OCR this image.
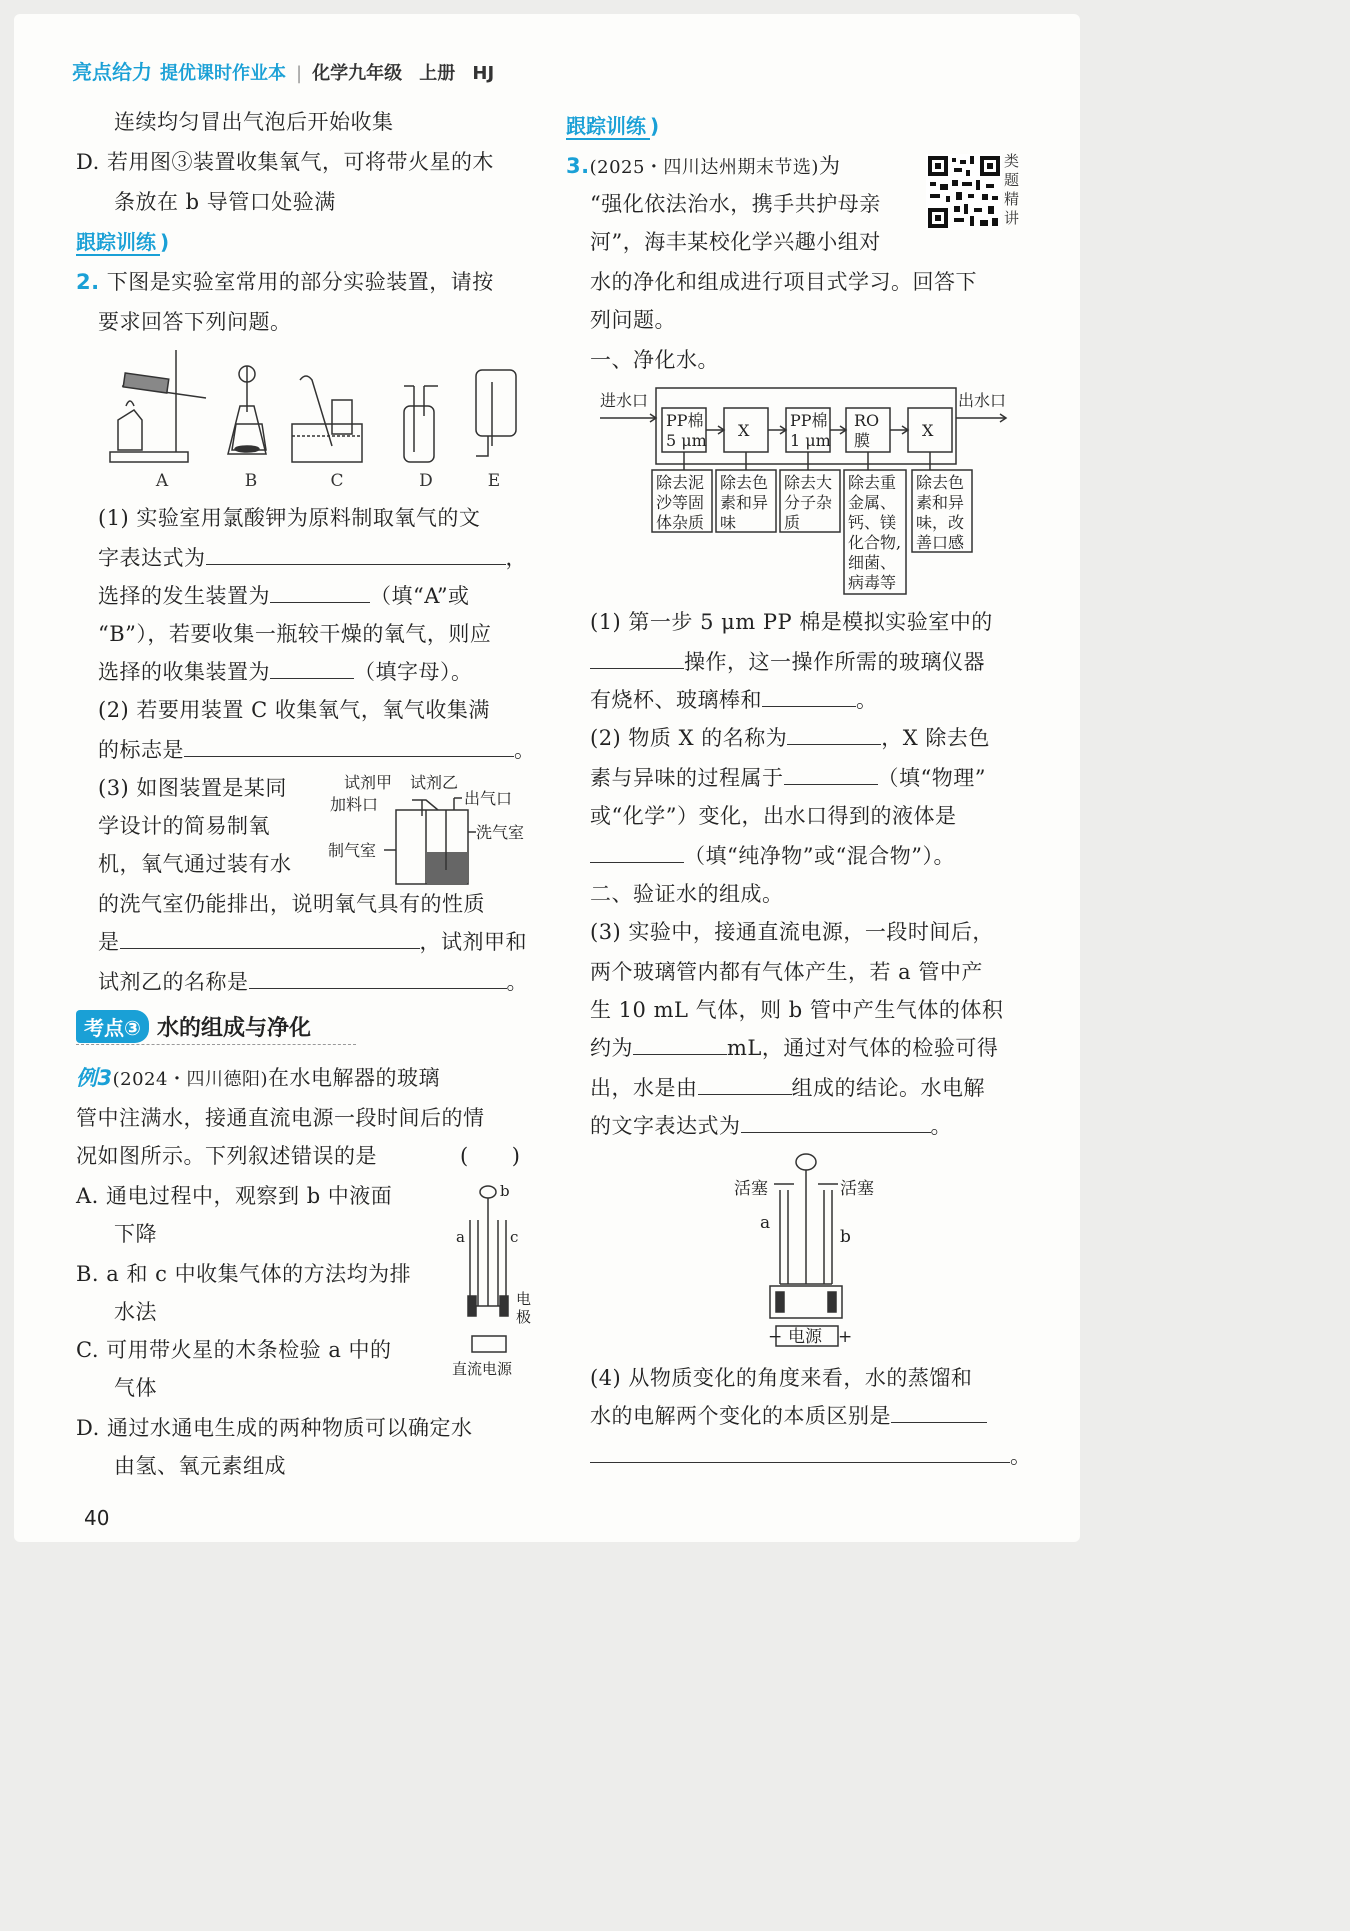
亮点给力 提优课时作业本 | 化学九年级 上册 HJ
连续均匀冒出气泡后开始收集
D. 若用图③装置收集氧气，可将带火星的木
条放在 b 导管口处验满
跟踪训练 )
2. 下图是实验室常用的部分实验装置，请按
要求回答下列问题。
A	B	C	D	E
(1) 实验室用氯酸钾为原料制取氧气的文
字表达式为	，
选择的发生装置为	（填“A”或
“B”），若要收集一瓶较干燥的氧气，则应
选择的收集装置为	（填字母）。
(2) 若要用装置 C 收集氧气，氧气收集满
的标志是	。
(3) 如图装置是某同
学设计的简易制氧
机，氧气通过装有水
试剂甲 试剂乙
加料口	出气口
洗气室
制气室
的洗气室仍能排出，说明氧气具有的性质
是	，试剂甲和
试剂乙的名称是	。
考点③ 水的组成与净化
例3(2024・四川德阳)在水电解器的玻璃
管中注满水，接通直流电源一段时间后的情
况如图所示。下列叙述错误的是	(　　)
A. 通电过程中，观察到 b 中液面
下降
B. a 和 c 中收集气体的方法均为排
水法
C. 可用带火星的木条检验 a 中的
气体
D. 通过水通电生成的两种物质可以确定水
由氢、氧元素组成
b
a	c
电
极
直流电源
跟踪训练 )
3.(2025・四川达州期末节选)为
“强化依法治水，携手共护母亲
河”，海丰某校化学兴趣小组对
水的净化和组成进行项目式学习。回答下
列问题。
类
题
精
讲
一、净化水。
进水口	出水口
PP棉
5 μm
X
PP棉
1 μm
RO
膜
X
除去泥
沙等固
体杂质
除去色
素和异
味
除去大
分子杂
质
除去重
金属、
钙、镁
化合物,
细菌、
病毒等
除去色
素和异
味，改
善口感
(1) 第一步 5 μm PP 棉是模拟实验室中的
操作，这一操作所需的玻璃仪器
有烧杯、玻璃棒和	。
(2) 物质 X 的名称为	，X 除去色
素与异味的过程属于	（填“物理”
或“化学”）变化，出水口得到的液体是
（填“纯净物”或“混合物”）。
二、验证水的组成。
(3) 实验中，接通直流电源，一段时间后，
两个玻璃管内都有气体产生，若 a 管中产
生 10 mL 气体，则 b 管中产生气体的体积
约为	mL，通过对气体的检验可得
出，水是由	组成的结论。水电解
的文字表达式为	。
活塞	活塞
a
b
− 电源 +
(4) 从物质变化的角度来看，水的蒸馏和
水的电解两个变化的本质区别是
。
40
